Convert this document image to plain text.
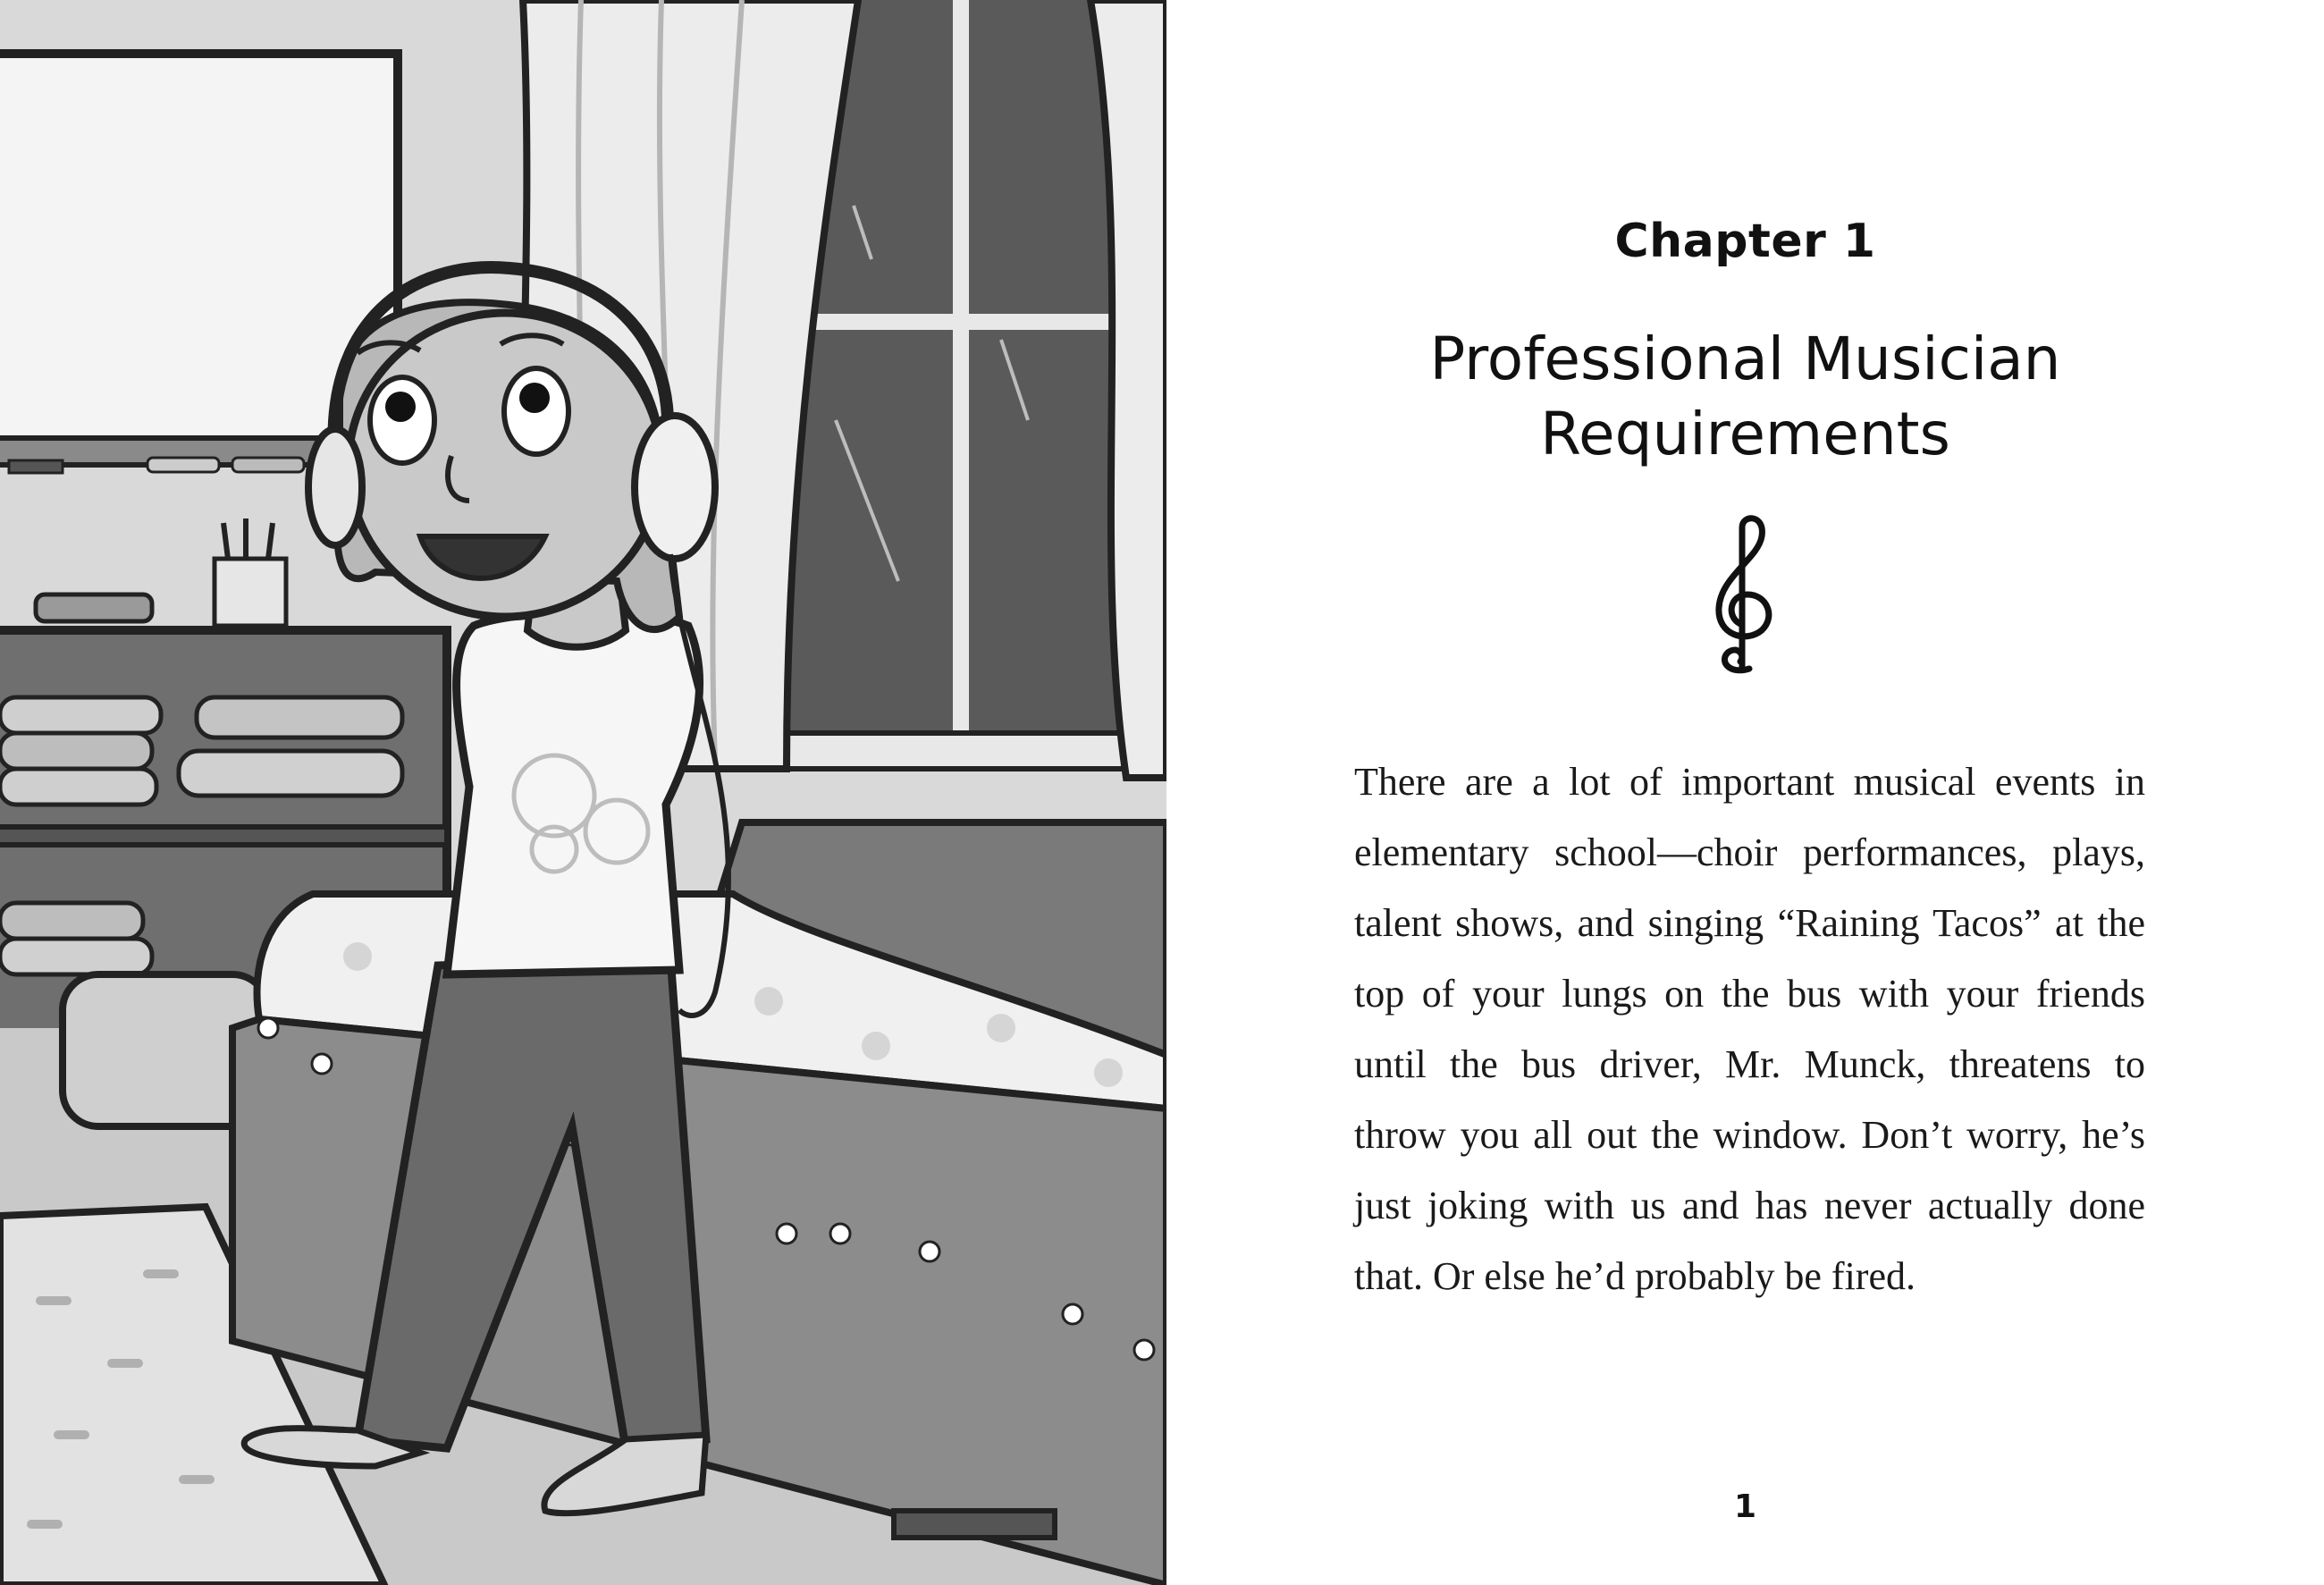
Chapter 1
Professional Musician
Requirements
There are a lot of important musical events in elementary school—choir performances, plays, talent shows, and singing “Raining Tacos” at the top of your lungs on the bus with your friends until the bus driver, Mr. Munck, threatens to throw you all out the window. Don’t worry, he’s just joking with us and has never actually done that. Or else he’d probably be fired.
1
